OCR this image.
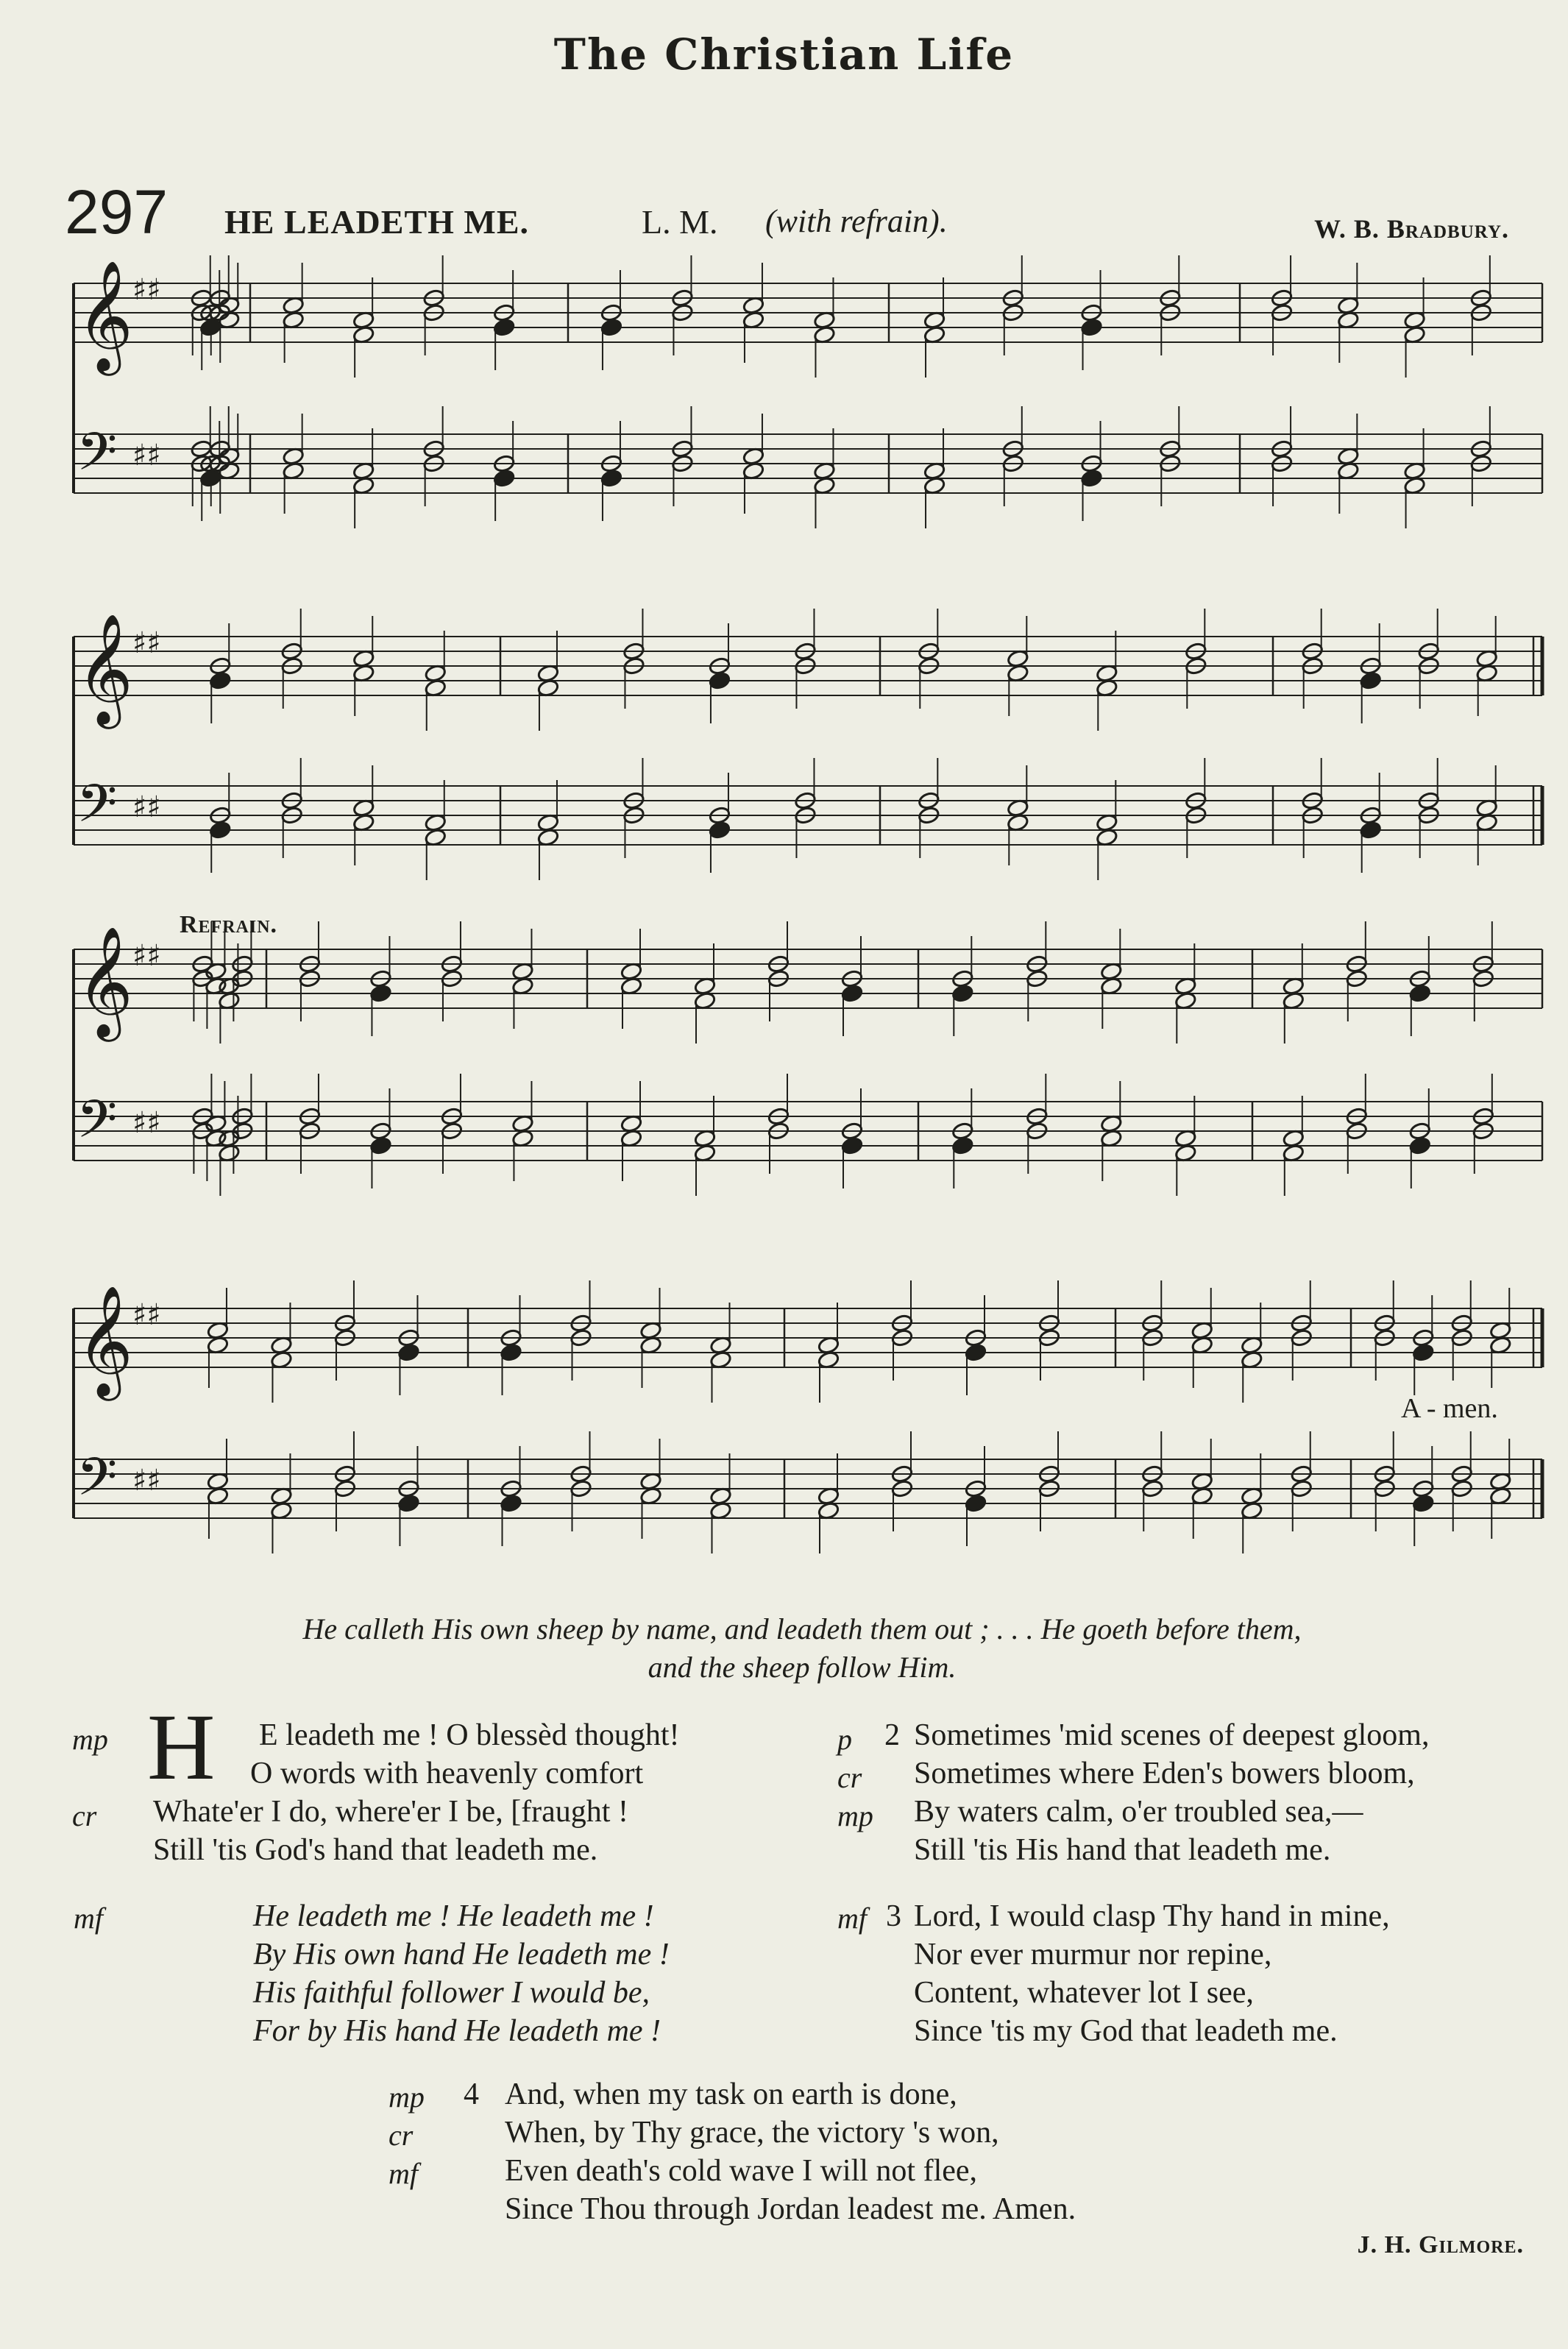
The Christian Life
297 HE LEADETH ME.	L. M. (with refrain).	W. B. Bradbury.
𝄞 ♯♯
𝄢 ♯♯
𝄞 ♯♯
𝄢 ♯♯
𝄞 ♯♯
𝄢 ♯♯
𝄞 ♯♯
𝄢 ♯♯
Refrain.
A - men.
He calleth His own sheep by name, and leadeth them out ; . . . He goeth before them,
and the sheep follow Him.
mp
cr
H E leadeth me ! O blessèd thought!
O words with heavenly comfort
Whate'er I do, where'er I be, [fraught !
Still 'tis God's hand that leadeth me.
mf	He leadeth me ! He leadeth me !
By His own hand He leadeth me !
His faithful follower I would be,
For by His hand He leadeth me !
p
cr
mp
2 Sometimes 'mid scenes of deepest gloom,
Sometimes where Eden's bowers bloom,
By waters calm, o'er troubled sea,—
Still 'tis His hand that leadeth me.
mf 3 Lord, I would clasp Thy hand in mine,
Nor ever murmur nor repine,
Content, whatever lot I see,
Since 'tis my God that leadeth me.
mp
cr
mf
4 And, when my task on earth is done,
When, by Thy grace, the victory 's won,
Even death's cold wave I will not flee,
Since Thou through Jordan leadest me. Amen.
J. H. Gilmore.
